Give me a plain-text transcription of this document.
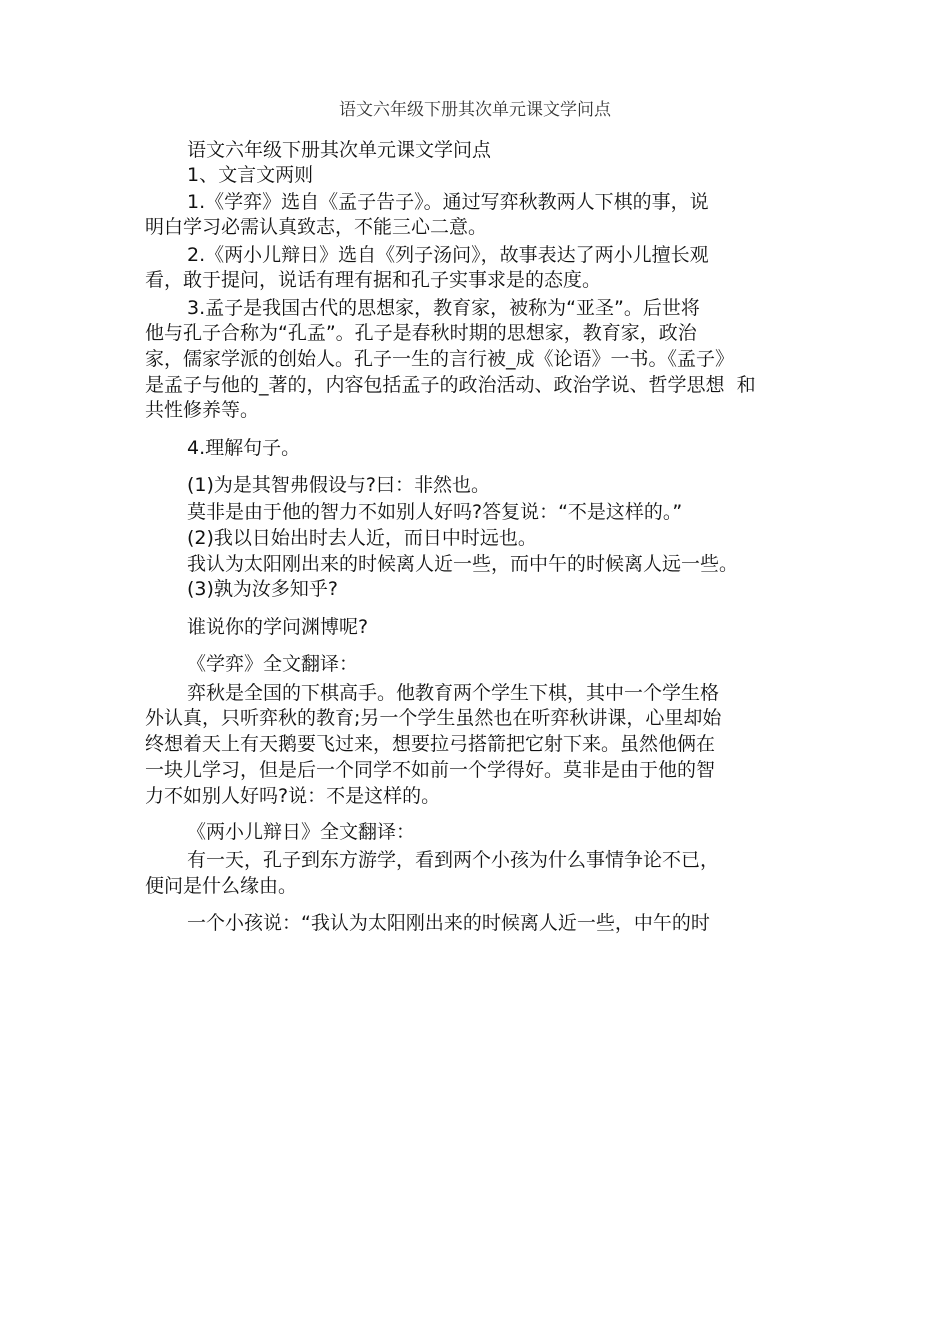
语文六年级下册其次单元课文学问点
语文六年级下册其次单元课文学问点
1、文言文两则
1.《学弈》选自《孟子告子》。通过写弈秋教两人下棋的事，说
明白学习必需认真致志，不能三心二意。
2.《两小儿辩日》选自《列子汤问》，故事表达了两小儿擅长观
看，敢于提问，说话有理有据和孔子实事求是的态度。
3.孟子是我国古代的思想家，教育家，被称为“亚圣”。后世将
他与孔子合称为“孔孟”。孔子是春秋时期的思想家，教育家，政治
家，儒家学派的创始人。孔子一生的言行被_成《论语》一书。《孟子》
是孟子与他的_著的，内容包括孟子的政治活动、政治学说、哲学思想  和
共性修养等。
4.理解句子。
(1)为是其智弗假设与?曰：非然也。
莫非是由于他的智力不如别人好吗?答复说：“不是这样的。”
(2)我以日始出时去人近，而日中时远也。
我认为太阳刚出来的时候离人近一些，而中午的时候离人远一些。
(3)孰为汝多知乎?
谁说你的学问渊博呢?
《学弈》全文翻译：
弈秋是全国的下棋高手。他教育两个学生下棋，其中一个学生格
外认真，只听弈秋的教育;另一个学生虽然也在听弈秋讲课，心里却始
终想着天上有天鹅要飞过来，想要拉弓搭箭把它射下来。虽然他俩在
一块儿学习，但是后一个同学不如前一个学得好。莫非是由于他的智
力不如别人好吗?说：不是这样的。
《两小儿辩日》全文翻译：
有一天，孔子到东方游学，看到两个小孩为什么事情争论不已，
便问是什么缘由。
一个小孩说：“我认为太阳刚出来的时候离人近一些，中午的时
